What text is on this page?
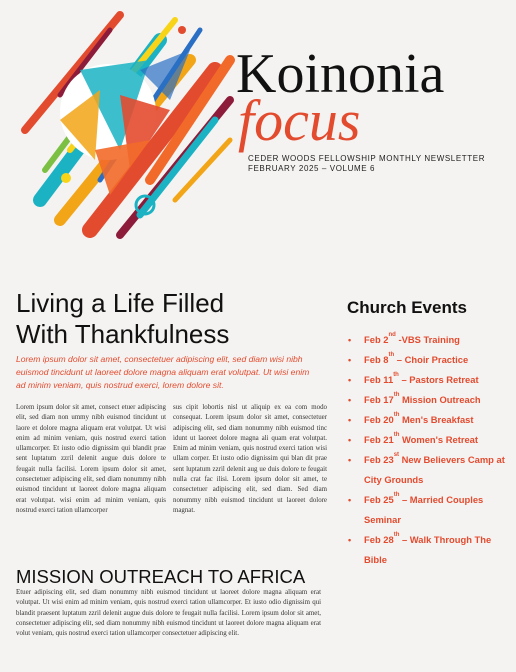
Koinonia
focus
CEDER WOODS FELLOWSHIP MONTHLY NEWSLETTER
FEBRUARY 2025 – VOLUME 6
Living a Life Filled
With Thankfulness
Lorem ipsum dolor sit amet, consectetuer adipiscing elit, sed diam wisi nibh euismod tincidunt ut laoreet dolore magna aliquam erat volutpat. Ut wisi enim ad minim veniam, quis nostrud exerci, lorem dolore sit.
Lorem ipsum dolor sit amet, consect etuer adipiscing elit, sed diam non ummy nibh euismod tincidunt ut laore et dolore magna aliquam erat volutpat. Ut wisi enim ad minim veniam, quis nostrud exerci tation ullamcorper. Et iusto odio dignissim qui blandit prae sent luptatum zzril delenit augue duis dolore te feugait nulla facilisi. Lorem ipsum dolor sit amet, consectetuer adipiscing elit, sed diam nonummy nibh euismod tincidunt ut laoreet dolore magna aliquam erat volutpat. wisi enim ad minim veniam, quis nostrud exerci tation ullamcorper
sus cipit lobortis nisl ut aliquip ex ea com modo consequat. Lorem ipsum dolor sit amet, consectetuer adipiscing elit, sed diam nonummy nibh euismod tinc idunt ut laoreet dolore magna ali quam erat volutpat. Enim ad minim veniam, quis nostrud exerci tation wisi ullam corper. Et iusto odio dignissim qui blan dit prae sent luptatum zzril delenit aug ue duis dolore te feugait nulla crat fac ilisi. Lorem ipsum dolor sit amet, te consectetuer adipiscing elit, sed diam. Sed diam nonummy nibh euismod tincidunt ut laoreet dolore magnat.
MISSION OUTREACH TO AFRICA
Etuer adipiscing elit, sed diam nonummy nibh euismod tincidunt ut laoreet dolore magna aliquam erat volutpat. Ut wisi enim ad minim veniam, quis nostrud exerci tation ullamcorper. Et iusto odio dignissim qui blandit praesent luptatum zzril delenit augue duis dolore te feugait nulla facilisi. Lorem ipsum dolor sit amet, consectetuer adipiscing elit, sed diam nonummy nibh euismod tincidunt ut laoreet dolore magna aliquam erat volut veniam, quis nostrud exerci tation ullamcorper consectetuer adipiscing elit.
Church Events
• Feb 2nd -VBS Training
• Feb 8th – Choir Practice
• Feb 11th – Pastors Retreat
• Feb 17th Mission Outreach
• Feb 20th Men's Breakfast
• Feb 21th Women's Retreat
• Feb 23st New Believers Camp at City Grounds
• Feb 25th – Married Couples Seminar
• Feb 28th – Walk Through The Bible
